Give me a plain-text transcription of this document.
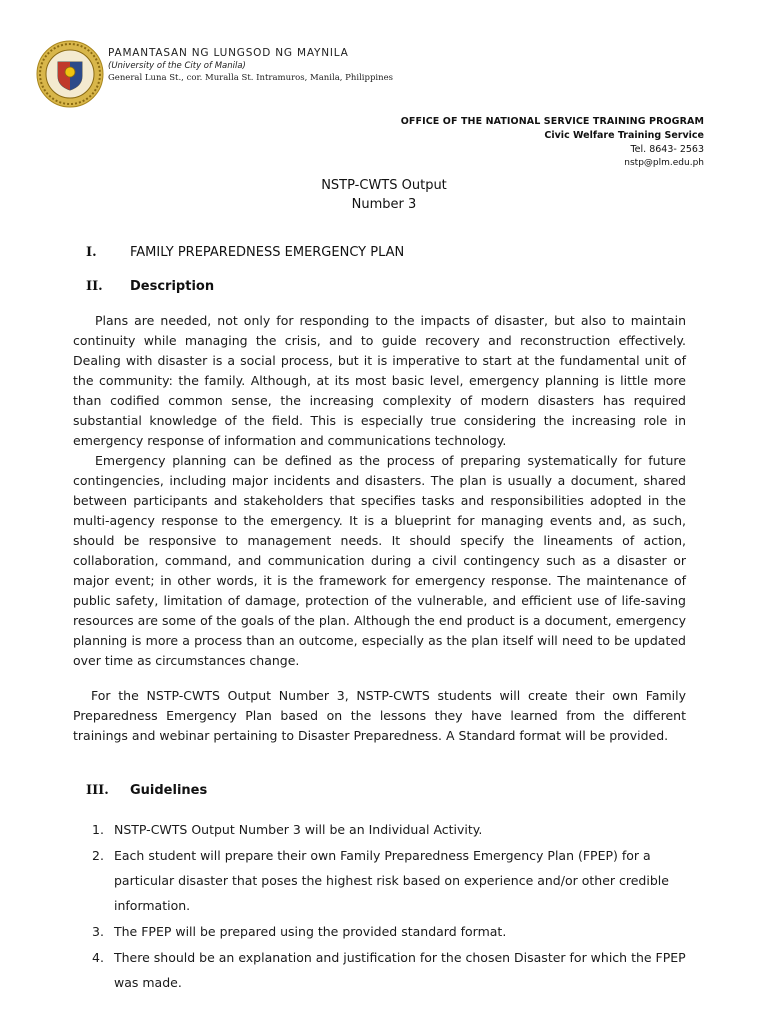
PAMANTASAN NG LUNGSOD NG MAYNILA
(University of the City of Manila)
General Luna St., cor. Muralla St. Intramuros, Manila, Philippines
OFFICE OF THE NATIONAL SERVICE TRAINING PROGRAM
Civic Welfare Training Service
Tel. 8643- 2563
nstp@plm.edu.ph
NSTP-CWTS Output
Number 3
I.	FAMILY PREPAREDNESS EMERGENCY PLAN
II. Description

Plans are needed, not only for responding to the impacts of disaster, but also to maintain continuity while managing the crisis, and to guide recovery and reconstruction effectively. Dealing with disaster is a social process, but it is imperative to start at the fundamental unit of the community: the family. Although, at its most basic level, emergency planning is little more than codified common sense, the increasing complexity of modern disasters has required substantial knowledge of the field. This is especially true considering the increasing role in emergency response of information and communications technology.

Emergency planning can be defined as the process of preparing systematically for future contingencies, including major incidents and disasters. The plan is usually a document, shared between participants and stakeholders that specifies tasks and responsibilities adopted in the multi-agency response to the emergency. It is a blueprint for managing events and, as such, should be responsive to management needs. It should specify the lineaments of action, collaboration, command, and communication during a civil contingency such as a disaster or major event; in other words, it is the framework for emergency response. The maintenance of public safety, limitation of damage, protection of the vulnerable, and efficient use of life-saving resources are some of the goals of the plan. Although the end product is a document, emergency planning is more a process than an outcome, especially as the plan itself will need to be updated over time as circumstances change.

For the NSTP-CWTS Output Number 3, NSTP-CWTS students will create their own Family Preparedness Emergency Plan based on the lessons they have learned from the different trainings and webinar pertaining to Disaster Preparedness. A Standard format will be provided.

III. Guidelines
1. NSTP-CWTS Output Number 3 will be an Individual Activity.
2. Each student will prepare their own Family Preparedness Emergency Plan (FPEP) for a particular disaster that poses the highest risk based on experience and/or other credible information.
3. The FPEP will be prepared using the provided standard format.
4. There should be an explanation and justification for the chosen Disaster for which the FPEP was made.
